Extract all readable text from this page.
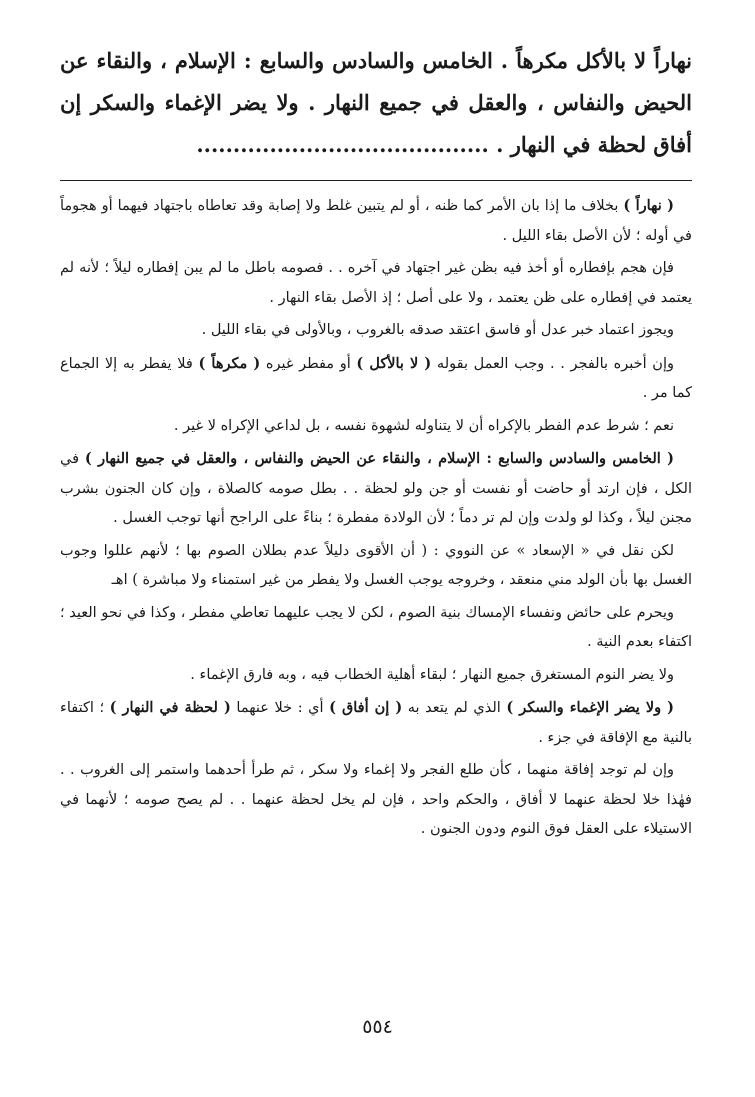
نهاراً لا بالأكل مكرهاً . الخامس والسادس والسابع : الإسلام ، والنقاء عن الحيض والنفاس ، والعقل في جميع النهار . ولا يضر الإغماء والسكر إن أفاق لحظة في النهار . ........................................

( نهاراً ) بخلاف ما إذا بان الأمر كما ظنه ، أو لم يتبين غلط ولا إصابة وقد تعاطاه باجتهاد فيهما أو هجوماً في أوله ؛ لأن الأصل بقاء الليل .

فإن هجم بإفطاره أو أخذ فيه بظن غير اجتهاد في آخره . . فصومه باطل ما لم يبن إفطاره ليلاً ؛ لأنه لم يعتمد في إفطاره على ظن يعتمد ، ولا على أصل ؛ إذ الأصل بقاء النهار .

ويجوز اعتماد خبر عدل أو فاسق اعتقد صدقه بالغروب ، وبالأولى في بقاء الليل .

وإن أخبره بالفجر . . وجب العمل بقوله ( لا بالأكل ) أو مفطر غيره ( مكرهاً ) فلا يفطر به إلا الجماع كما مر .

نعم ؛ شرط عدم الفطر بالإكراه أن لا يتناوله لشهوة نفسه ، بل لداعي الإكراه لا غير .

( الخامس والسادس والسابع : الإسلام ، والنقاء عن الحيض والنفاس ، والعقل في جميع النهار ) في الكل ، فإن ارتد أو حاضت أو نفست أو جن ولو لحظة . . بطل صومه كالصلاة ، وإن كان الجنون بشرب مجنن ليلاً ، وكذا لو ولدت وإن لم تر دماً ؛ لأن الولادة مفطرة ؛ بناءً على الراجح أنها توجب الغسل .

لكن نقل في « الإسعاد » عن النووي : ( أن الأقوى دليلاً عدم بطلان الصوم بها ؛ لأنهم عللوا وجوب الغسل بها بأن الولد مني منعقد ، وخروجه يوجب الغسل ولا يفطر من غير استمناء ولا مباشرة ) اهـ

ويحرم على حائض ونفساء الإمساك بنية الصوم ، لكن لا يجب عليهما تعاطي مفطر ، وكذا في نحو العيد ؛ اكتفاء بعدم النية .

ولا يضر النوم المستغرق جميع النهار ؛ لبقاء أهلية الخطاب فيه ، وبه فارق الإغماء .

( ولا يضر الإغماء والسكر ) الذي لم يتعد به ( إن أفاق ) أي : خلا عنهما ( لحظة في النهار ) ؛ اكتفاء بالنية مع الإفاقة في جزء .

وإن لم توجد إفاقة منهما ، كأن طلع الفجر ولا إغماء ولا سكر ، ثم طرأ أحدهما واستمر إلى الغروب . . فهٰذا خلا لحظة عنهما لا أفاق ، والحكم واحد ، فإن لم يخل لحظة عنهما . . لم يصح صومه ؛ لأنهما في الاستيلاء على العقل فوق النوم ودون الجنون .

٥٥٤
